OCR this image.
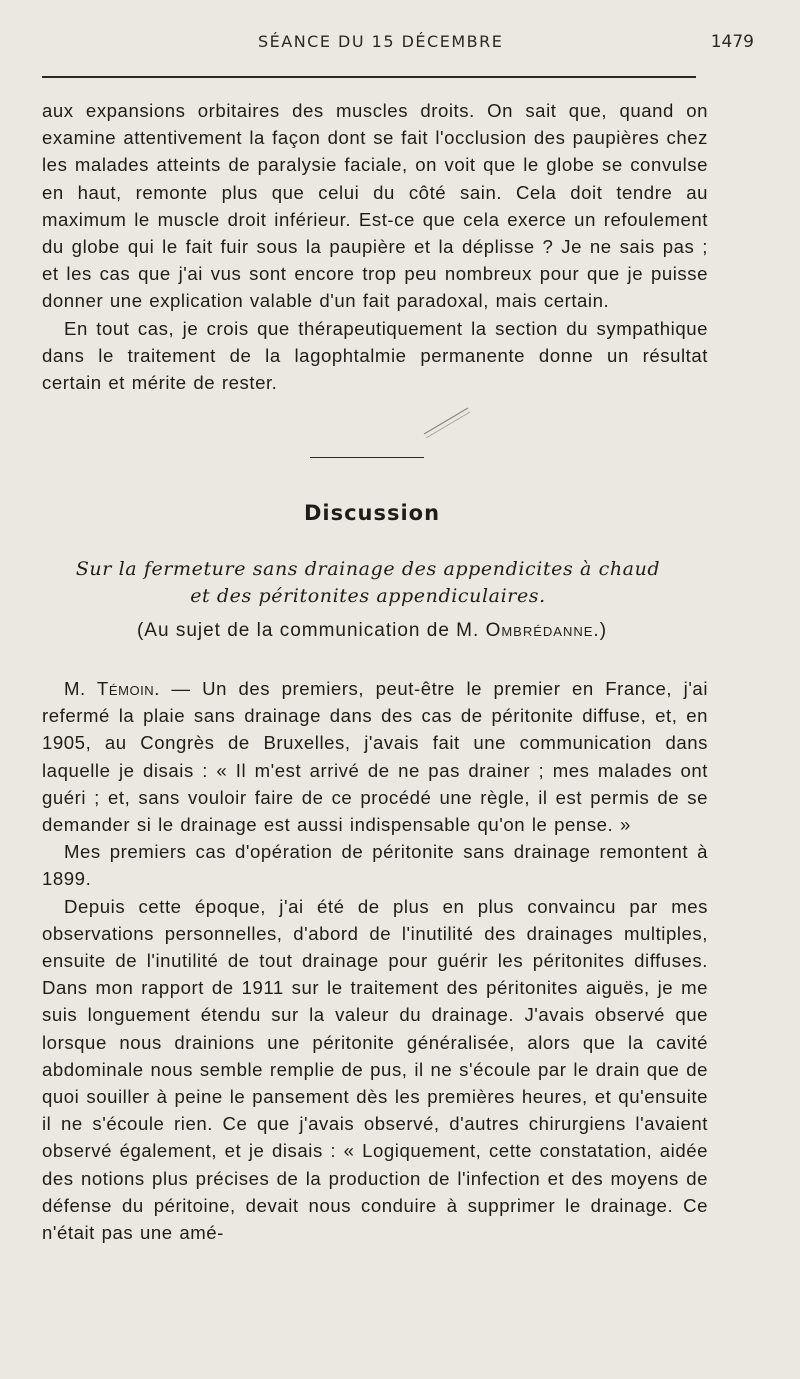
SÉANCE DU 15 DÉCEMBRE	1479

aux expansions orbitaires des muscles droits. On sait que, quand on examine attentivement la façon dont se fait l'occlusion des paupières chez les malades atteints de paralysie faciale, on voit que le globe se convulse en haut, remonte plus que celui du côté sain. Cela doit tendre au maximum le muscle droit inférieur. Est-ce que cela exerce un refoulement du globe qui le fait fuir sous la paupière et la déplisse ? Je ne sais pas ; et les cas que j'ai vus sont encore trop peu nombreux pour que je puisse donner une explication valable d'un fait paradoxal, mais certain.

En tout cas, je crois que thérapeutiquement la section du sympathique dans le traitement de la lagophtalmie permanente donne un résultat certain et mérite de rester.

Discussion
Sur la fermeture sans drainage des appendicites à chaud
et des péritonites appendiculaires.
(Au sujet de la communication de M. Ombrédanne.)

M. Témoin. — Un des premiers, peut-être le premier en France, j'ai refermé la plaie sans drainage dans des cas de péritonite diffuse, et, en 1905, au Congrès de Bruxelles, j'avais fait une communication dans laquelle je disais : « Il m'est arrivé de ne pas drainer ; mes malades ont guéri ; et, sans vouloir faire de ce procédé une règle, il est permis de se demander si le drainage est aussi indispensable qu'on le pense. »

Mes premiers cas d'opération de péritonite sans drainage remontent à 1899.

Depuis cette époque, j'ai été de plus en plus convaincu par mes observations personnelles, d'abord de l'inutilité des drainages multiples, ensuite de l'inutilité de tout drainage pour guérir les péritonites diffuses. Dans mon rapport de 1911 sur le traitement des péritonites aiguës, je me suis longuement étendu sur la valeur du drainage. J'avais observé que lorsque nous drainions une péritonite généralisée, alors que la cavité abdominale nous semble remplie de pus, il ne s'écoule par le drain que de quoi souiller à peine le pansement dès les premières heures, et qu'ensuite il ne s'écoule rien. Ce que j'avais observé, d'autres chirurgiens l'avaient observé également, et je disais : « Logiquement, cette constatation, aidée des notions plus précises de la production de l'infection et des moyens de défense du péritoine, devait nous conduire à supprimer le drainage. Ce n'était pas une amé-
